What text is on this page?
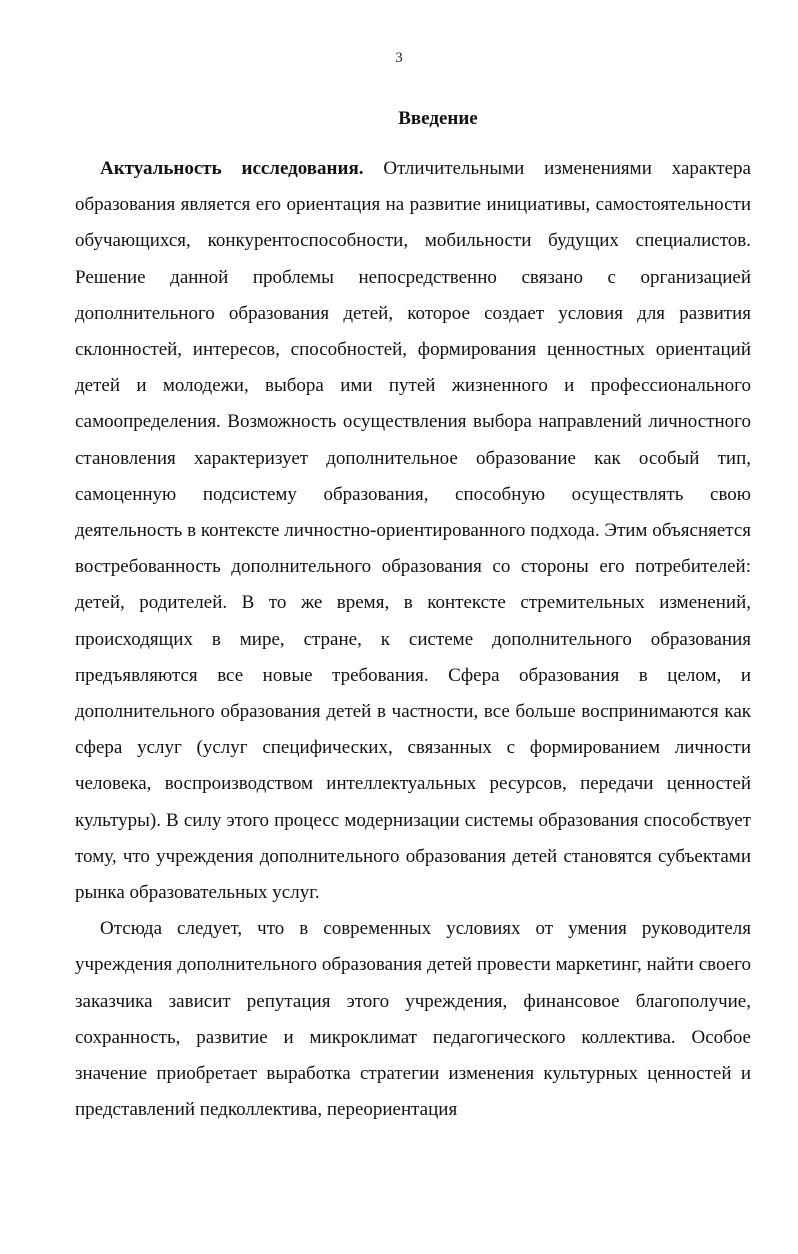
3
Введение

Актуальность исследования. Отличительными изменениями характера образования является его ориентация на развитие инициативы, самостоятельности обучающихся, конкурентоспособности, мобильности будущих специалистов. Решение данной проблемы непосредственно связано с организацией дополнительного образования детей, которое создает условия для развития склонностей, интересов, способностей, формирования ценностных ориентаций детей и молодежи, выбора ими путей жизненного и профессионального самоопределения. Возможность осуществления выбора направлений личностного становления характеризует дополнительное образование как особый тип, самоценную подсистему образования, способную осуществлять свою деятельность в контексте личностно-ориентированного подхода. Этим объясняется востребованность дополнительного образования со стороны его потребителей: детей, родителей. В то же время, в контексте стремительных изменений, происходящих в мире, стране, к системе дополнительного образования предъявляются все новые требования. Сфера образования в целом, и дополнительного образования детей в частности, все больше воспринимаются как сфера услуг (услуг специфических, связанных с формированием личности человека, воспроизводством интеллектуальных ресурсов, передачи ценностей культуры). В силу этого процесс модернизации системы образования способствует тому, что учреждения дополнительного образования детей становятся субъектами рынка образовательных услуг.

Отсюда следует, что в современных условиях от умения руководителя учреждения дополнительного образования детей провести маркетинг, найти своего заказчика зависит репутация этого учреждения, финансовое благополучие, сохранность, развитие и микроклимат педагогического коллектива. Особое значение приобретает выработка стратегии изменения культурных ценностей и представлений педколлектива, переориентация
